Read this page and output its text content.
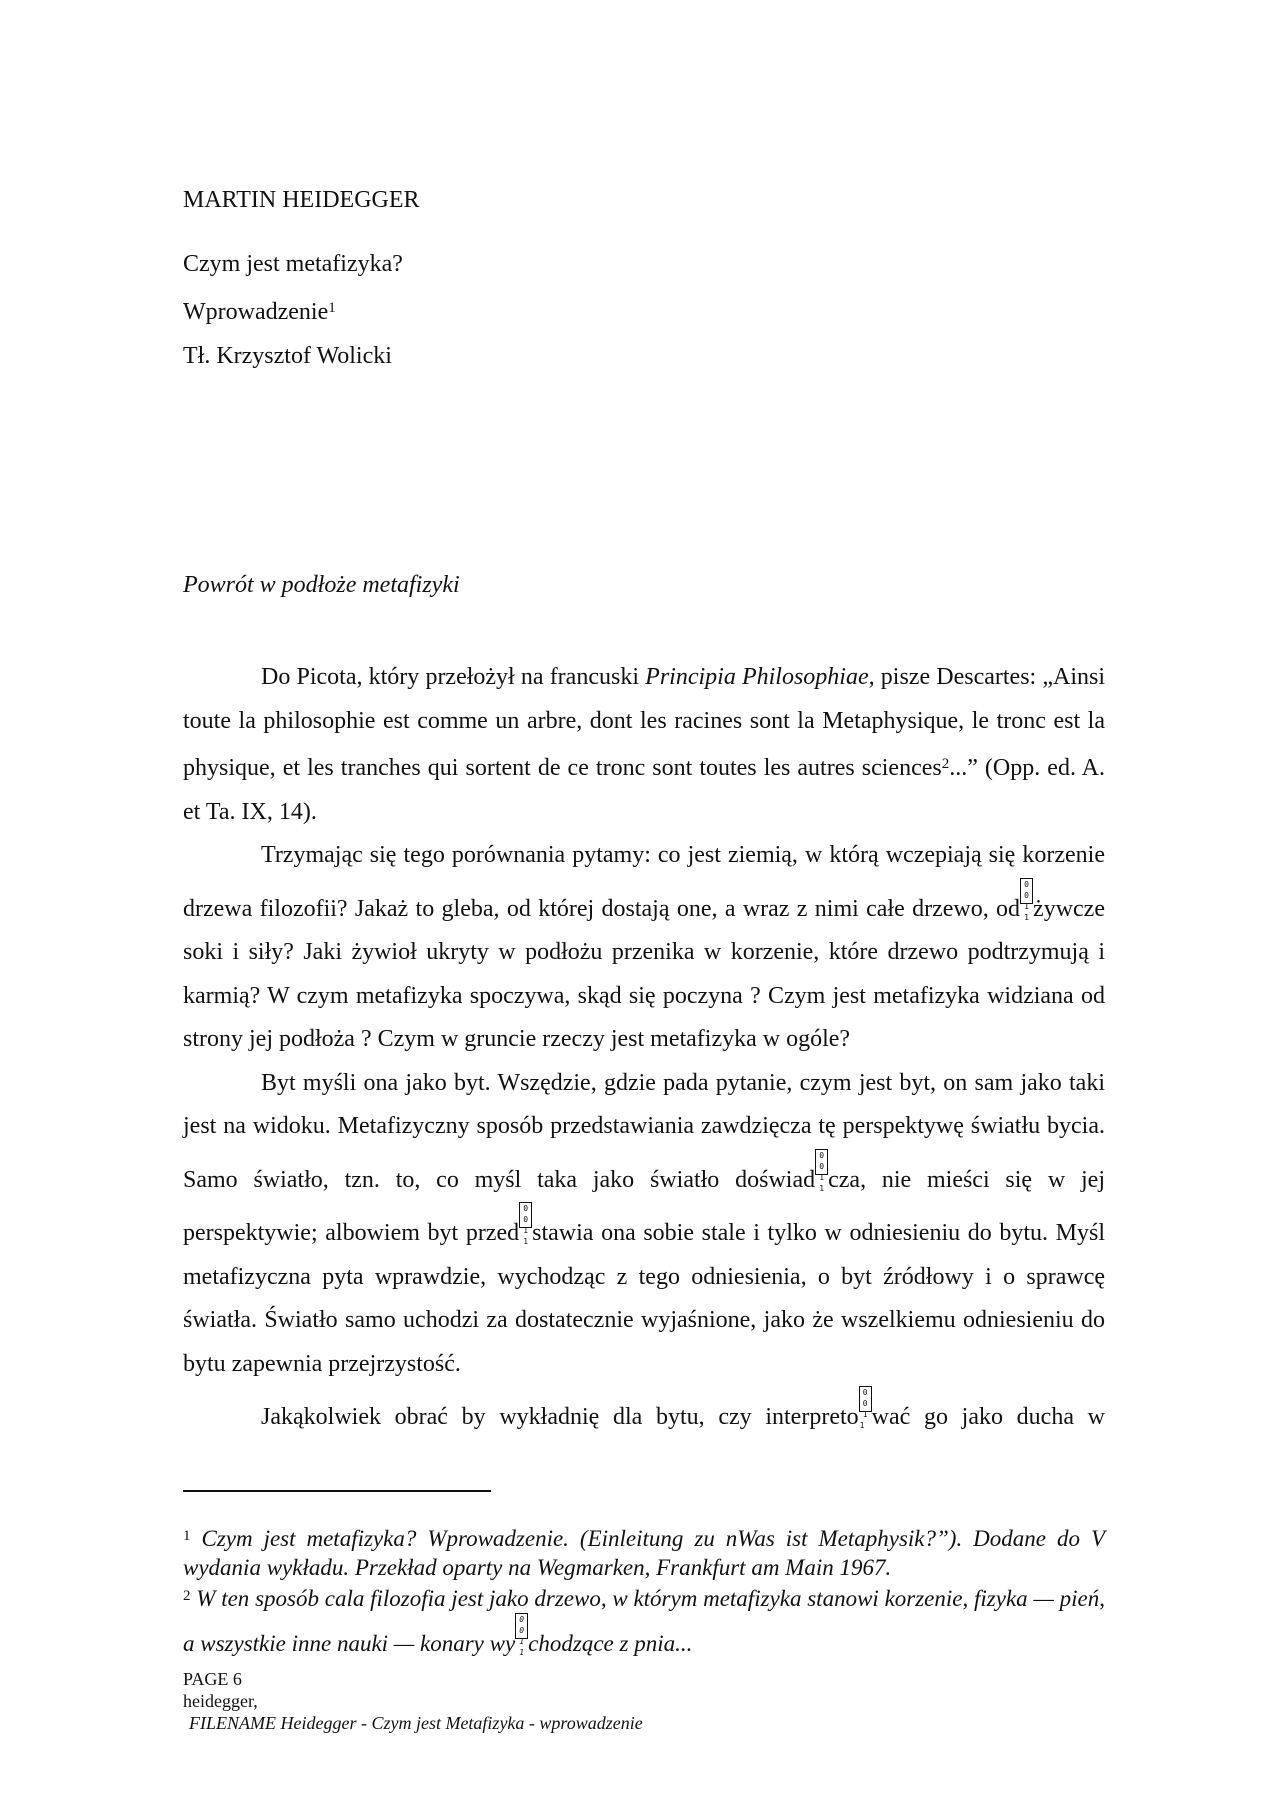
MARTIN HEIDEGGER
Czym jest metafizyka?
Wprowadzenie$^1$
Tł. Krzysztof Wolicki
Powrót w podłoże metafizyki

Do Picota, który przełożył na francuski Principia Philosophiae, pisze Descartes: „Ainsi toute la philosophie est comme un arbre, dont les racines sont la Metaphysique, le tronc est la physique, et les tranches qui sortent de ce tronc sont toutes les autres sciences$^2$...” (Opp. ed. A. et Ta. IX, 14).

Trzymając się tego porównania pytamy: co jest ziemią, w którą wczepiają się korzenie drzewa filozofii? Jakaż to gleba, od której dostają one, a wraz z nimi całe drzewo, od0 0 1 1 żywcze soki i siły? Jaki żywioł ukryty w podłożu przenika w korzenie, które drzewo podtrzymują i karmią? W czym metafizyka spoczywa, skąd się poczyna ? Czym jest metafizyka widziana od strony jej podłoża ? Czym w gruncie rzeczy jest metafizyka w ogóle?

Byt myśli ona jako byt. Wszędzie, gdzie pada pytanie, czym jest byt, on sam jako taki jest na widoku. Metafizyczny sposób przedstawiania zawdzięcza tę perspektywę światłu bycia. Samo światło, tzn. to, co myśl taka jako światło doświad0 0 1 1 cza, nie mieści się w jej perspektywie; albowiem byt przed0 0 1 1 stawia ona sobie stale i tylko w odniesieniu do bytu. Myśl metafizyczna pyta wprawdzie, wychodząc z tego odniesienia, o byt źródłowy i o sprawcę światła. Światło samo uchodzi za dostatecznie wyjaśnione, jako że wszelkiemu odniesieniu do bytu zapewnia przejrzystość.

Jakąkolwiek obrać by wykładnię dla bytu, czy interpreto0 0 1 1 wać go jako ducha w

$^1$ Czym jest metafizyka? Wprowadzenie. (Einleitung zu nWas ist Metaphysik?”). Dodane do V wydania wykładu. Przekład oparty na Wegmarken, Frankfurt am Main 1967.

$^2$ W ten sposób cala filozofia jest jako drzewo, w którym metafizyka stanowi korzenie, fizyka — pień, a wszystkie inne nauki — konary wy0 0 1 1 chodzące z pnia...

PAGE 6
heidegger,
FILENAME Heidegger - Czym jest Metafizyka - wprowadzenie
